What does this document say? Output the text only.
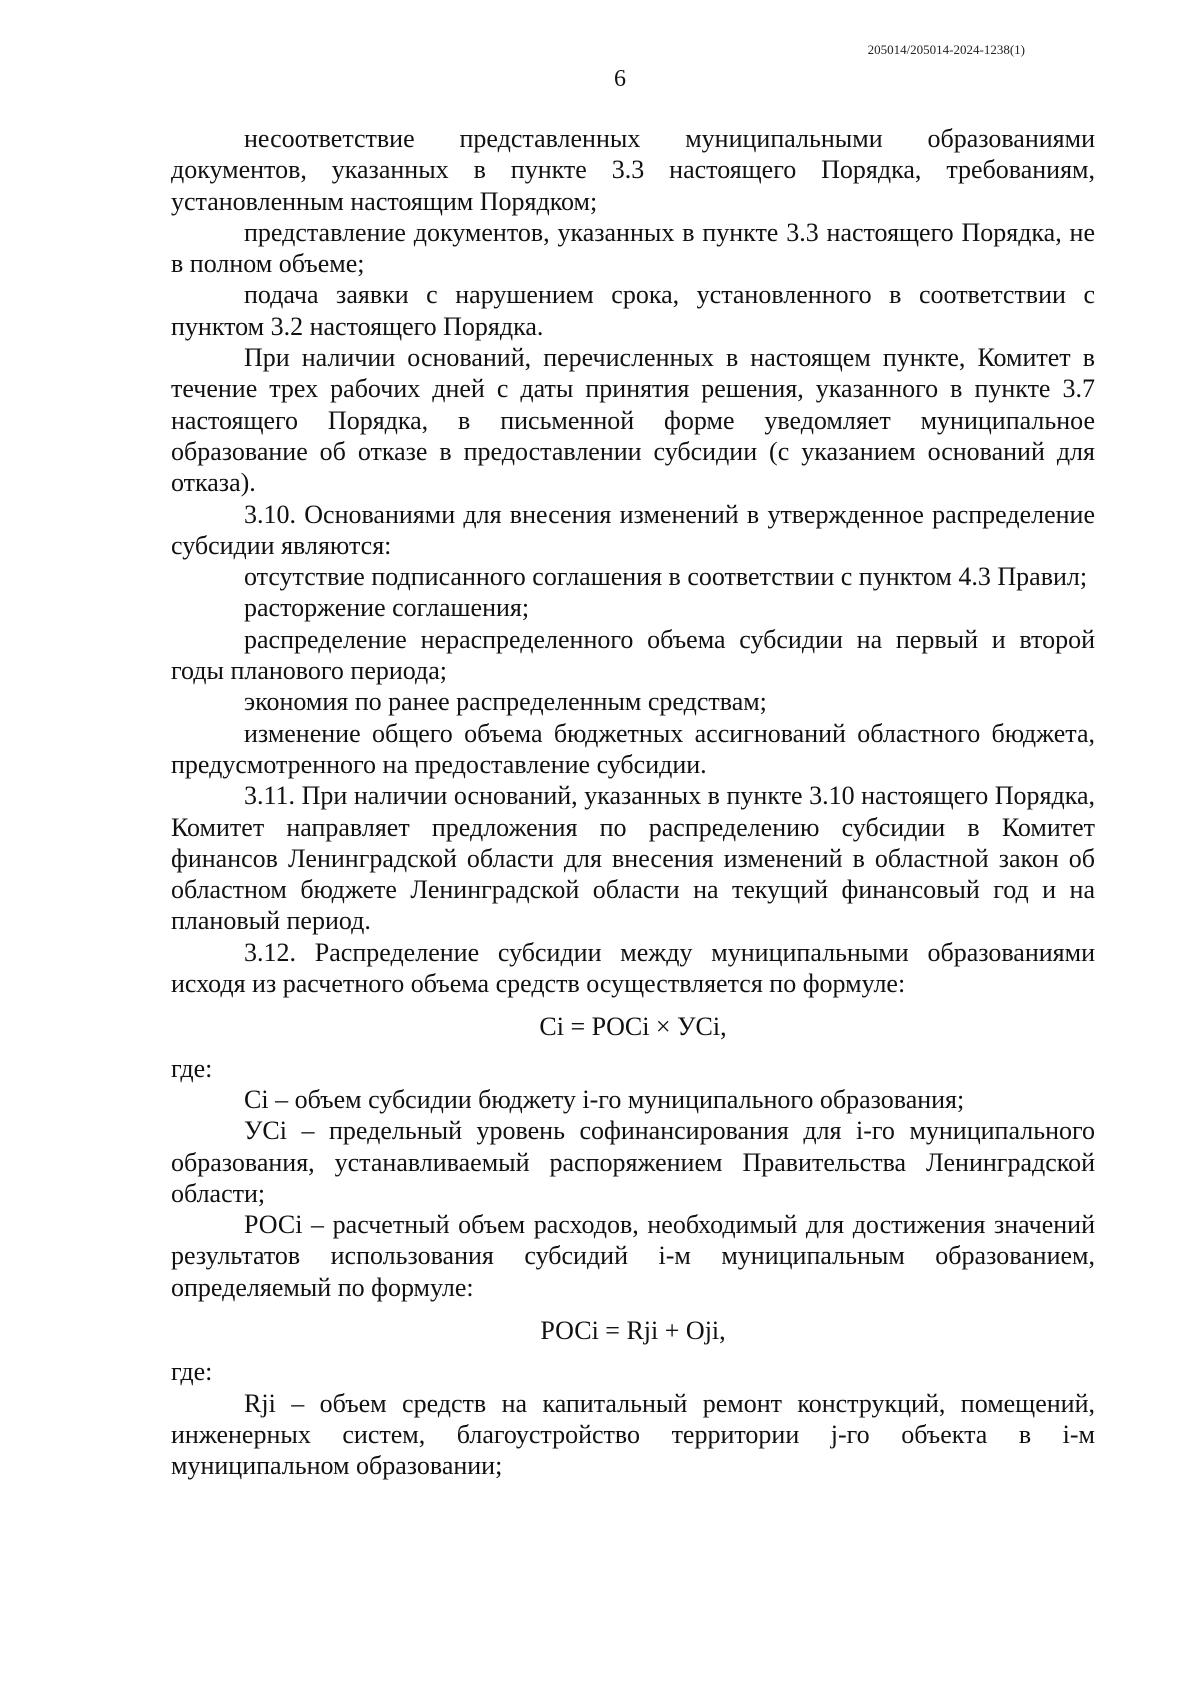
205014/205014-2024-1238(1)
6

несоответствие представленных муниципальными образованиями документов, указанных в пункте 3.3 настоящего Порядка, требованиям, установленным настоящим Порядком;

представление документов, указанных в пункте 3.3 настоящего Порядка, не в полном объеме;

подача заявки с нарушением срока, установленного в соответствии с пунктом 3.2 настоящего Порядка.

При наличии оснований, перечисленных в настоящем пункте, Комитет в течение трех рабочих дней с даты принятия решения, указанного в пункте 3.7 настоящего Порядка, в письменной форме уведомляет муниципальное образование об отказе в предоставлении субсидии (с указанием оснований для отказа).

3.10. Основаниями для внесения изменений в утвержденное распределение субсидии являются:

отсутствие подписанного соглашения в соответствии с пунктом 4.3 Правил;

расторжение соглашения;

распределение нераспределенного объема субсидии на первый и второй годы планового периода;

экономия по ранее распределенным средствам;

изменение общего объема бюджетных ассигнований областного бюджета, предусмотренного на предоставление субсидии.

3.11. При наличии оснований, указанных в пункте 3.10 настоящего Порядка, Комитет направляет предложения по распределению субсидии в Комитет финансов Ленинградской области для внесения изменений в областной закон об областном бюджете Ленинградской области на текущий финансовый год и на плановый период.

3.12. Распределение субсидии между муниципальными образованиями исходя из расчетного объема средств осуществляется по формуле:

Ci = POCi × УСi,

где:

Ci – объем субсидии бюджету i-го муниципального образования;

УСi – предельный уровень софинансирования для i-го муниципального образования, устанавливаемый распоряжением Правительства Ленинградской области;

РОСi – расчетный объем расходов, необходимый для достижения значений результатов использования субсидий i-м муниципальным образованием, определяемый по формуле:

РОСi = Rji + Oji,

где:

Rji – объем средств на капитальный ремонт конструкций, помещений, инженерных систем, благоустройство территории j-го объекта в i-м муниципальном образовании;
